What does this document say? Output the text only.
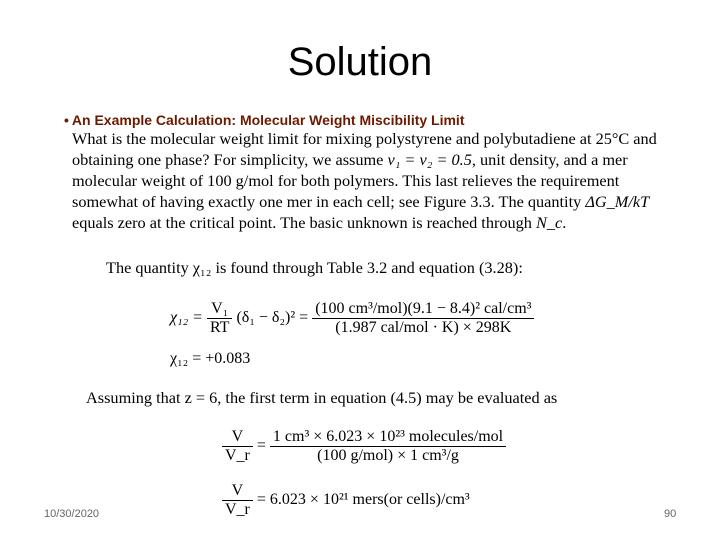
Solution
• An Example Calculation: Molecular Weight Miscibility Limit
What is the molecular weight limit for mixing polystyrene and polybutadiene at 25°C and obtaining one phase? For simplicity, we assume ν₁ = ν₂ = 0.5, unit density, and a mer molecular weight of 100 g/mol for both polymers. This last relieves the requirement somewhat of having exactly one mer in each cell; see Figure 3.3. The quantity ΔG_M/kT equals zero at the critical point. The basic unknown is reached through N_c.
The quantity χ₁₂ is found through Table 3.2 and equation (3.28):
$\chi_{12} = \frac{\text{V₁}}{RT} (\delta_1 - \delta_2)^2 = \frac{\text{(100 cm³/mol)(9.1 − 8.4)² cal/cm³}}{\text{(1.987 cal/mol · K) × 298K}}$
χ₁₂ = +0.083
Assuming that z = 6, the first term in equation (4.5) may be evaluated as
$\frac{V}{V\_r} = \frac{\text{1 cm³ × 6.023 × 10²³ molecules/mol}}{\text{(100 g/mol) × 1 cm³/g}}$
$\frac{V}{V\_r} = 6.023 \times 10^{21}$ mers(or cells)/cm³
10/30/2020	90
